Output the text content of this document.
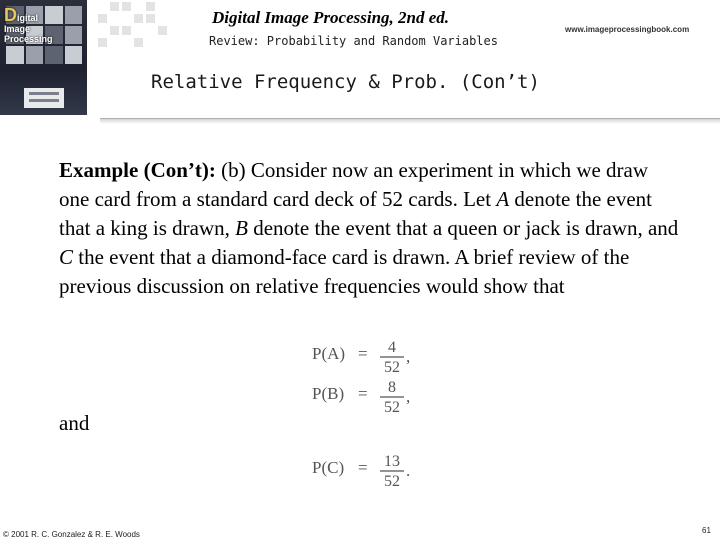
Digital
Image
Processing
Digital Image Processing, 2nd ed.
www.imageprocessingbook.com
Review: Probability and Random Variables
Relative Frequency & Prob. (Con’t)
Example (Con’t): (b) Consider now an experiment in which we draw one card from a standard card deck of 52 cards. Let A denote the event that a king is drawn, B denote the event that a queen or jack is drawn, and C the event that a diamond-face card is drawn. A brief review of the previous discussion on relative frequencies would show that
P(A) = 4
52
,
P(B) = 8
52
,
P(C) = 13
52
.
and
© 2001 R. C. Gonzalez & R. E. Woods	61
